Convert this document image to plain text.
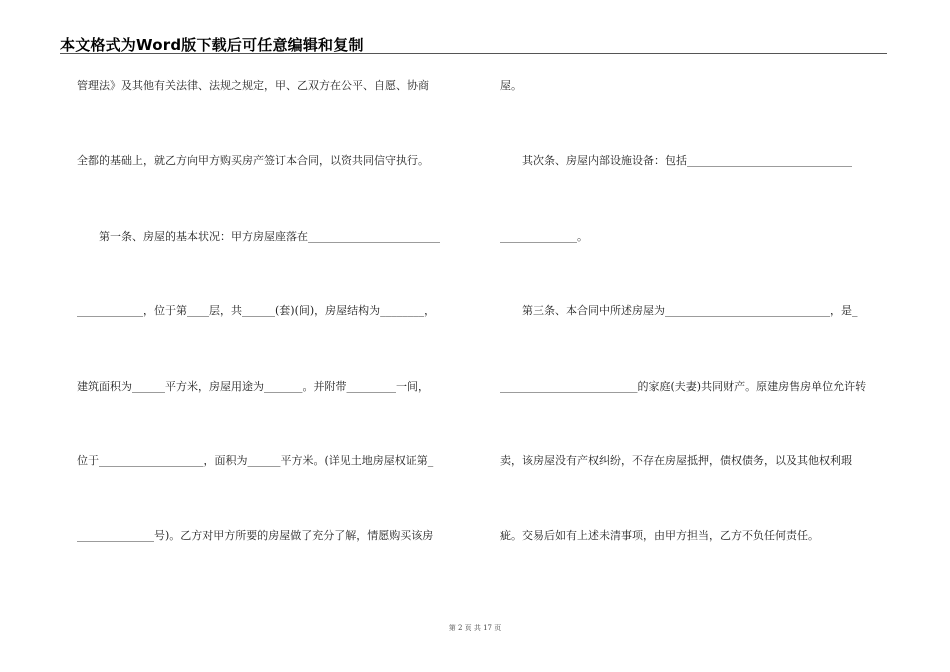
本文格式为Word版下载后可任意编辑和复制
管理法》及其他有关法律、法规之规定，甲、乙双方在公平、自愿、协商
全都的基础上，就乙方向甲方购买房产签订本合同，以资共同信守执行。
　　第一条、房屋的基本状况：甲方房屋座落在________________________
____________，位于第____层，共______(套)(间)，房屋结构为________，
建筑面积为______平方米，房屋用途为_______。并附带_________一间，
位于___________________，面积为______平方米。(详见土地房屋权证第_
______________号)。乙方对甲方所要的房屋做了充分了解，情愿购买该房
屋。
　　其次条、房屋内部设施设备：包括______________________________
______________。
　　第三条、本合同中所述房屋为______________________________，是_
_________________________的家庭(夫妻)共同财产。原建房售房单位允许转
卖，该房屋没有产权纠纷，不存在房屋抵押，债权债务，以及其他权利瑕
疵。交易后如有上述未清事项，由甲方担当，乙方不负任何责任。
第 2 页 共 17 页
